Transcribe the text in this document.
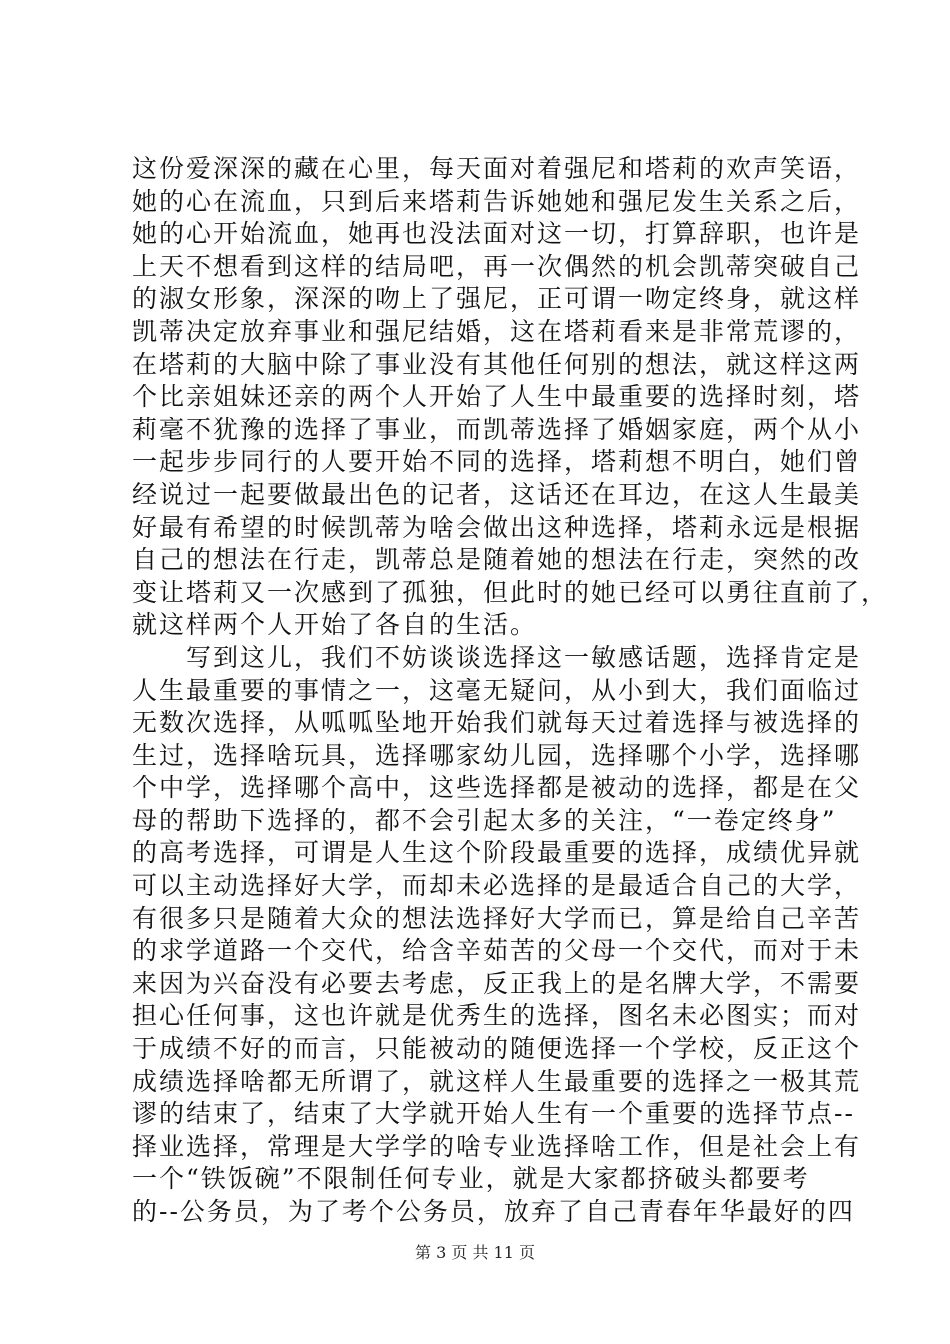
这份爱深深的藏在心里，每天面对着强尼和塔莉的欢声笑语，
她的心在流血，只到后来塔莉告诉她她和强尼发生关系之后，
她的心开始流血，她再也没法面对这一切，打算辞职，也许是
上天不想看到这样的结局吧，再一次偶然的机会凯蒂突破自己
的淑女形象，深深的吻上了强尼，正可谓一吻定终身，就这样
凯蒂决定放弃事业和强尼结婚，这在塔莉看来是非常荒谬的，
在塔莉的大脑中除了事业没有其他任何别的想法，就这样这两
个比亲姐妹还亲的两个人开始了人生中最重要的选择时刻，塔
莉毫不犹豫的选择了事业，而凯蒂选择了婚姻家庭，两个从小
一起步步同行的人要开始不同的选择，塔莉想不明白，她们曾
经说过一起要做最出色的记者，这话还在耳边，在这人生最美
好最有希望的时候凯蒂为啥会做出这种选择，塔莉永远是根据
自己的想法在行走，凯蒂总是随着她的想法在行走，突然的改
变让塔莉又一次感到了孤独，但此时的她已经可以勇往直前了，
就这样两个人开始了各自的生活。
　　写到这儿，我们不妨谈谈选择这一敏感话题，选择肯定是
人生最重要的事情之一，这毫无疑问，从小到大，我们面临过
无数次选择，从呱呱坠地开始我们就每天过着选择与被选择的
生过，选择啥玩具，选择哪家幼儿园，选择哪个小学，选择哪
个中学，选择哪个高中，这些选择都是被动的选择，都是在父
母的帮助下选择的，都不会引起太多的关注，“一卷定终身”
的高考选择，可谓是人生这个阶段最重要的选择，成绩优异就
可以主动选择好大学，而却未必选择的是最适合自己的大学，
有很多只是随着大众的想法选择好大学而已，算是给自己辛苦
的求学道路一个交代，给含辛茹苦的父母一个交代，而对于未
来因为兴奋没有必要去考虑，反正我上的是名牌大学，不需要
担心任何事，这也许就是优秀生的选择，图名未必图实；而对
于成绩不好的而言，只能被动的随便选择一个学校，反正这个
成绩选择啥都无所谓了，就这样人生最重要的选择之一极其荒
谬的结束了，结束了大学就开始人生有一个重要的选择节点--
择业选择，常理是大学学的啥专业选择啥工作，但是社会上有
一个“铁饭碗”不限制任何专业，就是大家都挤破头都要考
的--公务员，为了考个公务员，放弃了自己青春年华最好的四
第 3 页 共 11 页
